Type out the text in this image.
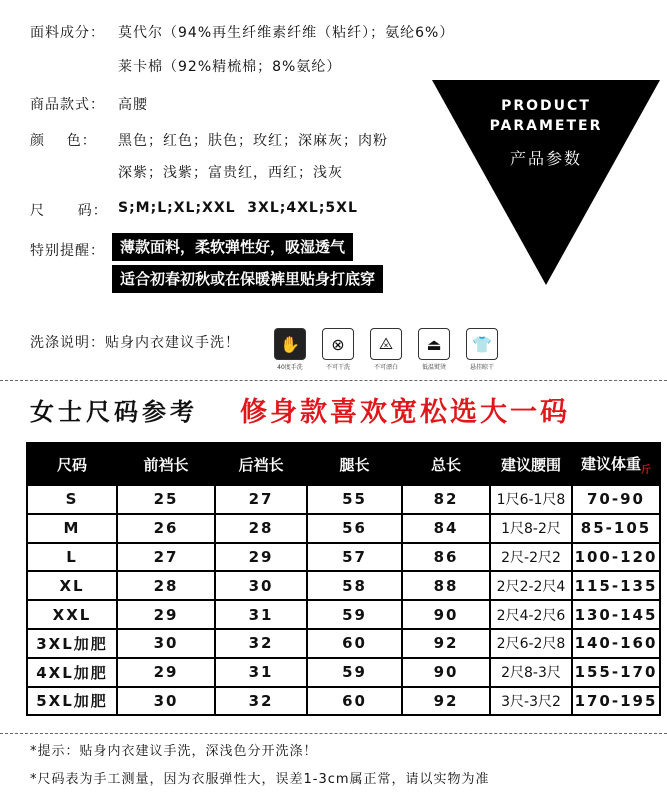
面料成分： 莫代尔（94%再生纤维素纤维（粘纤）；氨纶6%）
莱卡棉（92%精梳棉；8%氨纶）
商品款式： 高腰
颜    色： 黑色；红色；肤色；玫红；深麻灰；肉粉
深紫；浅紫；富贵红，西红；浅灰
尺      码： S;M;L;XL;XXL  3XL;4XL;5XL
特别提醒：	薄款面料，柔软弹性好，吸湿透气
适合初春初秋或在保暖裤里贴身打底穿
PRODUCT
PARAMETER
产品参数
洗涤说明：贴身内衣建议手洗！	✋
40度手洗
⊗
不可干洗
⨻
不可漂白
⏏
低温熨烫
👕
悬挂晾干
女士尺码参考 修身款喜欢宽松选大一码
尺码	前裆长	后裆长	腿长	总长	建议腰围	建议体重$_斤$
S	25	27	55	82	1尺6-1尺8	70-90
M	26	28	56	84	1尺8-2尺	85-105
L	27	29	57	86	2尺-2尺2	100-120
XL	28	30	58	88	2尺2-2尺4	115-135
XXL	29	31	59	90	2尺4-2尺6	130-145
3XL加肥	30	32	60	92	2尺6-2尺8	140-160
4XL加肥	29	31	59	90	2尺8-3尺	155-170
5XL加肥	30	32	60	92	3尺-3尺2	170-195
*提示：贴身内衣建议手洗，深浅色分开洗涤！
*尺码表为手工测量，因为衣服弹性大，误差1-3cm属正常，请以实物为准
